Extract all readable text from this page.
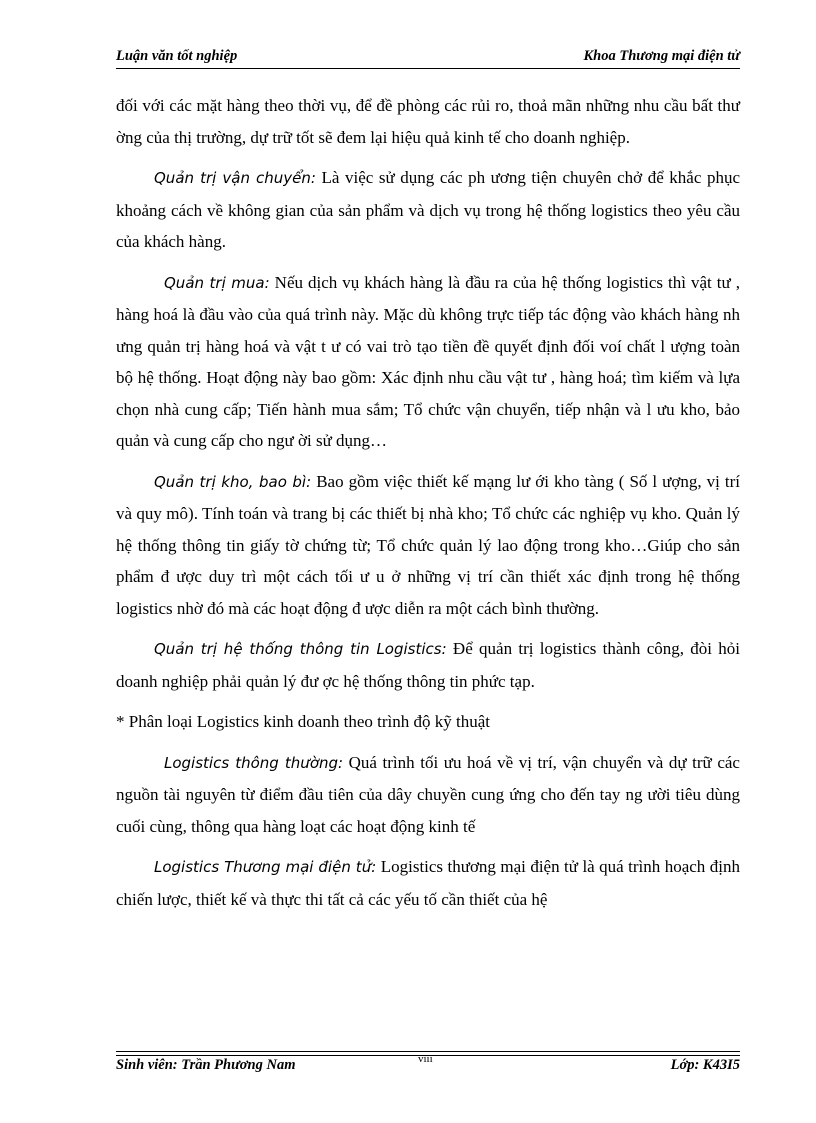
Luận văn tốt nghiệp	Khoa Thương mại điện tử

đối với các mặt hàng theo thời vụ, để đề phòng các rủi ro, thoả mãn những nhu cầu bất thư ờng của thị trường, dự trữ tốt sẽ đem lại hiệu quả kinh tế cho doanh nghiệp.

Quản trị vận chuyển: Là việc sử dụng các ph ương tiện chuyên chở để khắc phục khoảng cách về không gian của sản phẩm và dịch vụ trong hệ thống logistics theo yêu cầu của khách hàng.

Quản trị mua: Nếu dịch vụ khách hàng là đầu ra của hệ thống logistics thì vật tư , hàng hoá là đầu vào của quá trình này. Mặc dù không trực tiếp tác động vào khách hàng nh ưng quản trị hàng hoá và vật t ư có vai trò tạo tiền đề quyết định đối voí chất l ượng toàn bộ hệ thống. Hoạt động này bao gồm: Xác định nhu cầu vật tư , hàng hoá; tìm kiếm và lựa chọn nhà cung cấp; Tiến hành mua sắm; Tổ chức vận chuyển, tiếp nhận và l ưu kho, bảo quản và cung cấp cho ngư ời sử dụng…

Quản trị kho, bao bì: Bao gồm việc thiết kế mạng lư ới kho tàng ( Số l ượng, vị trí và quy mô). Tính toán và trang bị các thiết bị nhà kho; Tổ chức các nghiệp vụ kho. Quản lý hệ thống thông tin giấy tờ chứng từ; Tổ chức quản lý lao động trong kho…Giúp cho sản phẩm đ ược duy trì một cách tối ư u ở những vị trí cần thiết xác định trong hệ thống logistics nhờ đó mà các hoạt động đ ược diễn ra một cách bình thường.

Quản trị hệ thống thông tin Logistics: Để quản trị logistics thành công, đòi hỏi doanh nghiệp phải quản lý đư ợc hệ thống thông tin phức tạp.

* Phân loại Logistics kinh doanh theo trình độ kỹ thuật

Logistics thông thường: Quá trình tối ưu hoá về vị trí, vận chuyển và dự trữ các nguồn tài nguyên từ điểm đầu tiên của dây chuyền cung ứng cho đến tay ng ười tiêu dùng cuối cùng, thông qua hàng loạt các hoạt động kinh tế

Logistics Thương mại điện tử: Logistics thương mại điện tử là quá trình hoạch định chiến lược, thiết kế và thực thi tất cả các yếu tố cần thiết của hệ

Sinh viên: Trần Phương Nam	viii	Lớp: K43I5
